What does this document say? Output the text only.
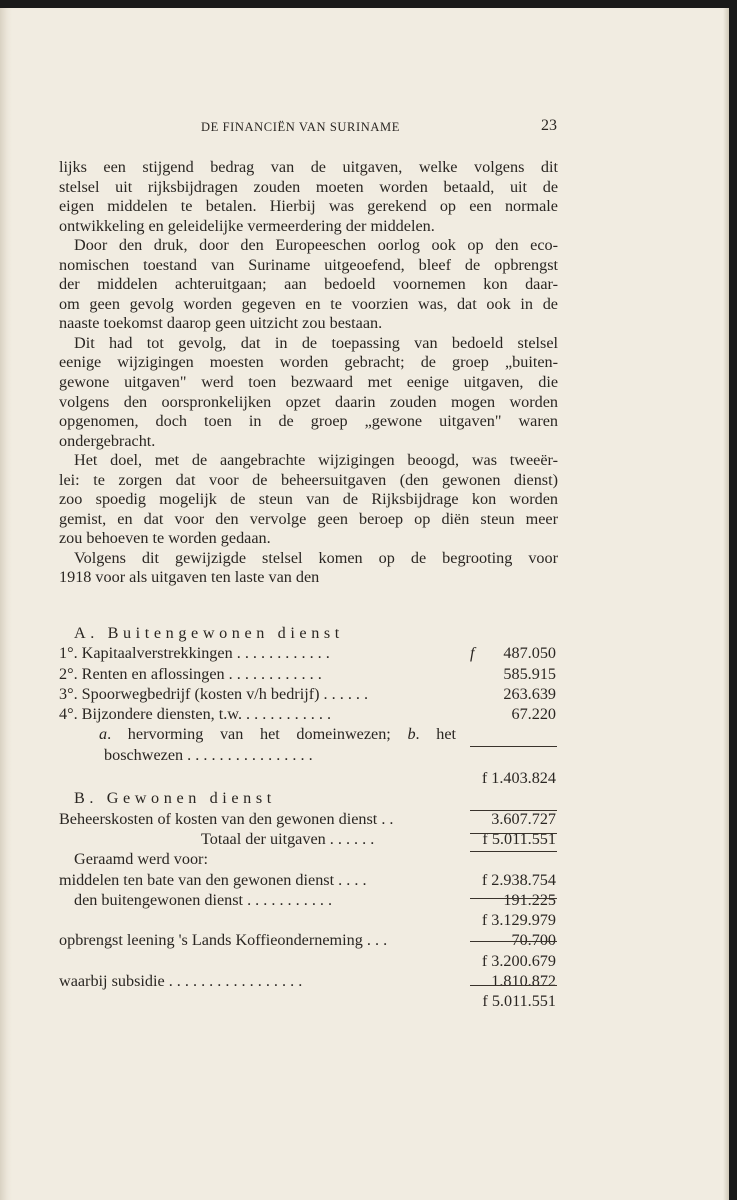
DE FINANCIËN VAN SURINAME	23
lijks een stijgend bedrag van de uitgaven, welke volgens dit
stelsel uit rijksbijdragen zouden moeten worden betaald, uit de
eigen middelen te betalen. Hierbij was gerekend op een normale
ontwikkeling en geleidelijke vermeerdering der middelen.
Door den druk, door den Europeeschen oorlog ook op den eco-
nomischen toestand van Suriname uitgeoefend, bleef de opbrengst
der middelen achteruitgaan; aan bedoeld voornemen kon daar-
om geen gevolg worden gegeven en te voorzien was, dat ook in de
naaste toekomst daarop geen uitzicht zou bestaan.
Dit had tot gevolg, dat in de toepassing van bedoeld stelsel
eenige wijzigingen moesten worden gebracht; de groep „buiten-
gewone uitgaven" werd toen bezwaard met eenige uitgaven, die
volgens den oorspronkelijken opzet daarin zouden mogen worden
opgenomen, doch toen in de groep „gewone uitgaven" waren
ondergebracht.
Het doel, met de aangebrachte wijzigingen beoogd, was tweeër-
lei: te zorgen dat voor de beheersuitgaven (den gewonen dienst)
zoo spoedig mogelijk de steun van de Rijksbijdrage kon worden
gemist, en dat voor den vervolge geen beroep op diën steun meer
zou behoeven te worden gedaan.
Volgens dit gewijzigde stelsel komen op de begrooting voor
1918 voor als uitgaven ten laste van den
A. Buitengewonen dienst
1°. Kapitaalverstrekkingen . . . . . . . . . . . .	f 487.050
2°. Renten en aflossingen . . . . . . . . . . . .	585.915
3°. Spoorwegbedrijf (kosten v/h bedrijf) . . . . . .	263.639
4°. Bijzondere diensten, t.w. . . . . . . . . . . .	67.220
a. hervorming van het domeinwezen; b. het
boschwezen . . . . . . . . . . . . . . . .
f 1.403.824
B. Gewonen dienst
Beheerskosten of kosten van den gewonen dienst . .	3.607.727
Totaal der uitgaven . . . . . .	f 5.011.551
Geraamd werd voor:
middelen ten bate van den gewonen dienst . . . .	f 2.938.754
den buitengewonen dienst . . . . . . . . . . .	191.225
f 3.129.979
opbrengst leening 's Lands Koffieonderneming . . .	70.700
f 3.200.679
waarbij subsidie . . . . . . . . . . . . . . . . .	1.810.872
f 5.011.551
